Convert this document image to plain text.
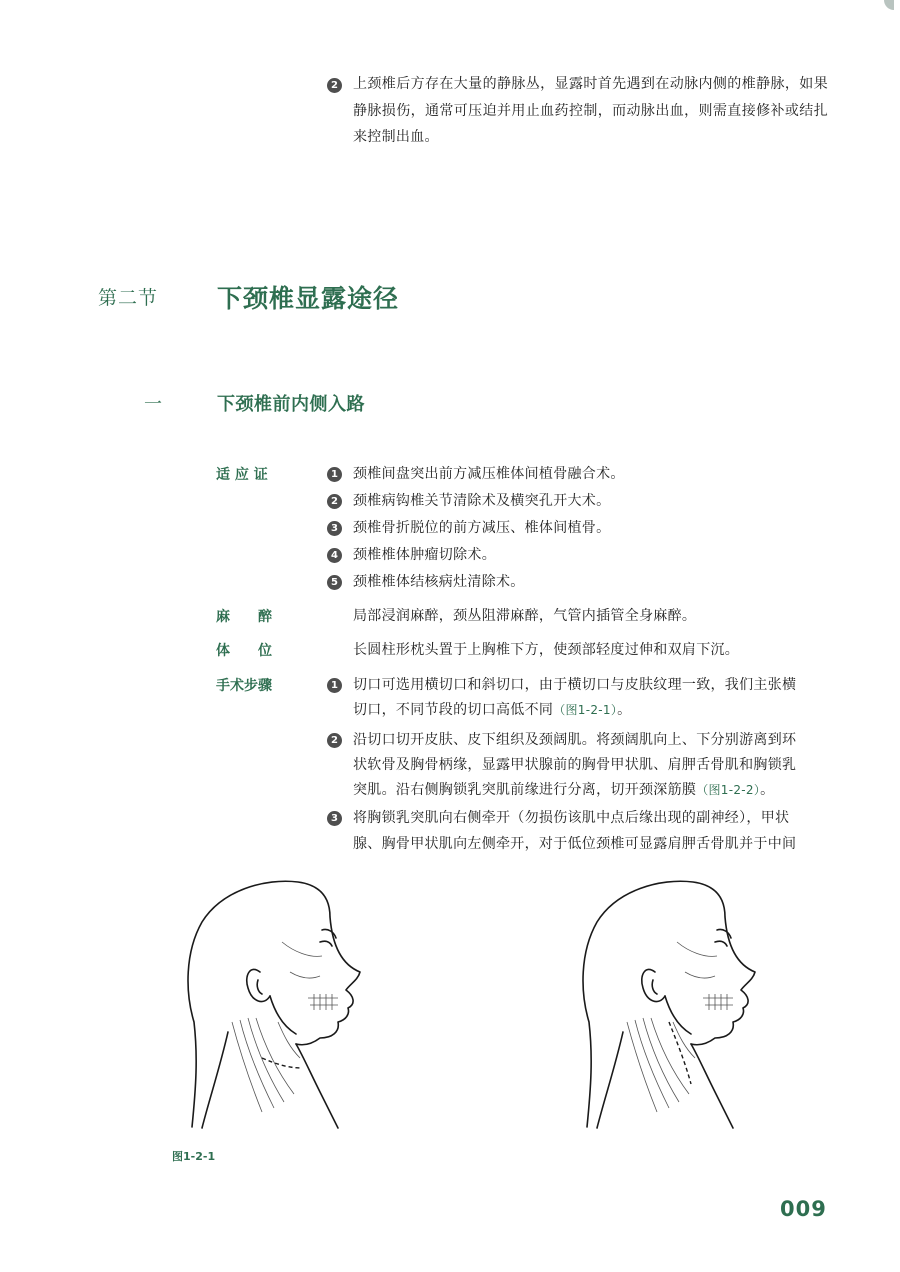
2 上颈椎后方存在大量的静脉丛，显露时首先遇到在动脉内侧的椎静脉，如果静脉损伤，通常可压迫并用止血药控制，而动脉出血，则需直接修补或结扎来控制出血。
第二节 下颈椎显露途径
一	下颈椎前内侧入路
适 应 证	1 颈椎间盘突出前方减压椎体间植骨融合术。
2 颈椎病钩椎关节清除术及横突孔开大术。
3 颈椎骨折脱位的前方减压、椎体间植骨。
4 颈椎椎体肿瘤切除术。
5 颈椎椎体结核病灶清除术。
麻　　醉	局部浸润麻醉，颈丛阻滞麻醉，气管内插管全身麻醉。
体　　位	长圆柱形枕头置于上胸椎下方，使颈部轻度过伸和双肩下沉。
手术步骤	1 切口可选用横切口和斜切口，由于横切口与皮肤纹理一致，我们主张横
切口，不同节段的切口高低不同（图1-2-1）。
2 沿切口切开皮肤、皮下组织及颈阔肌。将颈阔肌向上、下分别游离到环
状软骨及胸骨柄缘，显露甲状腺前的胸骨甲状肌、肩胛舌骨肌和胸锁乳
突肌。沿右侧胸锁乳突肌前缘进行分离，切开颈深筋膜（图1-2-2）。
3 将胸锁乳突肌向右侧牵开（勿损伤该肌中点后缘出现的副神经），甲状
腺、胸骨甲状肌向左侧牵开，对于低位颈椎可显露肩胛舌骨肌并于中间
图1-2-1
009
